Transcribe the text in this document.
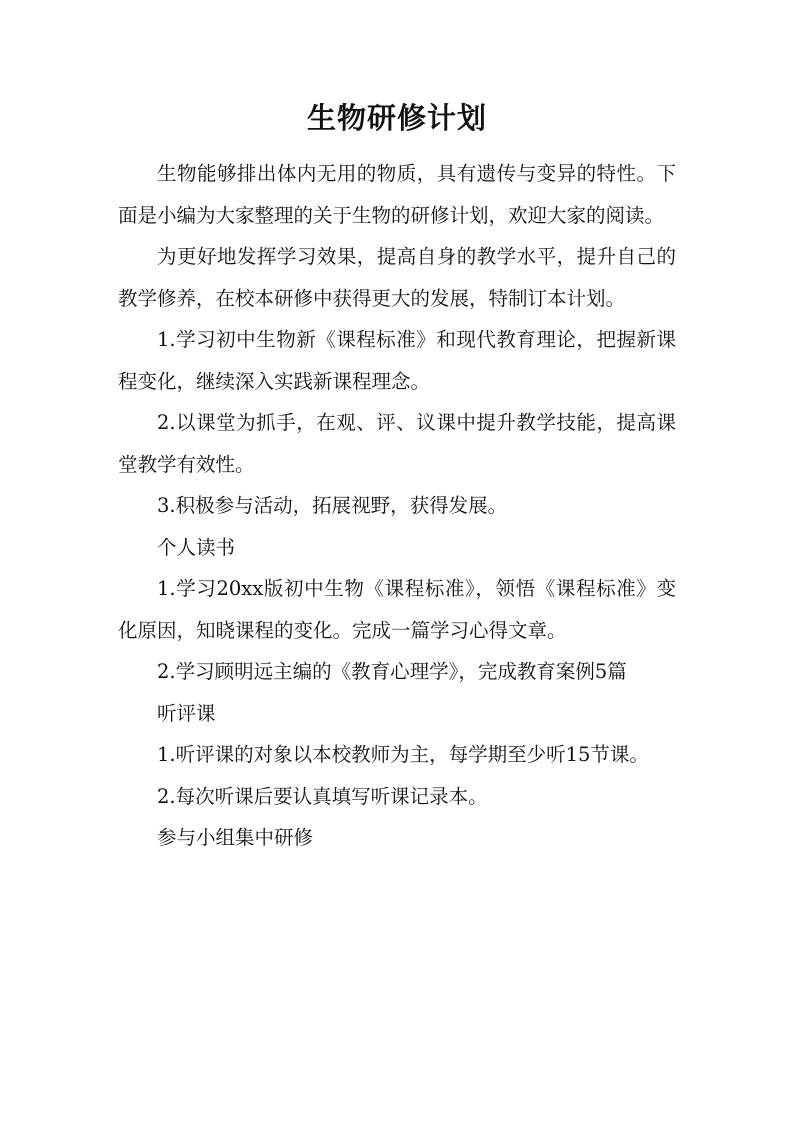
生物研修计划

生物能够排出体内无用的物质，具有遗传与变异的特性。下面是小编为大家整理的关于生物的研修计划，欢迎大家的阅读。

为更好地发挥学习效果，提高自身的教学水平，提升自己的教学修养，在校本研修中获得更大的发展，特制订本计划。

1.学习初中生物新《课程标准》和现代教育理论，把握新课程变化，继续深入实践新课程理念。

2.以课堂为抓手，在观、评、议课中提升教学技能，提高课堂教学有效性。

3.积极参与活动，拓展视野，获得发展。

个人读书

1.学习20xx版初中生物《课程标准》，领悟《课程标准》变化原因，知晓课程的变化。完成一篇学习心得文章。

2.学习顾明远主编的《教育心理学》，完成教育案例5篇

听评课

1.听评课的对象以本校教师为主，每学期至少听15节课。

2.每次听课后要认真填写听课记录本。

参与小组集中研修
